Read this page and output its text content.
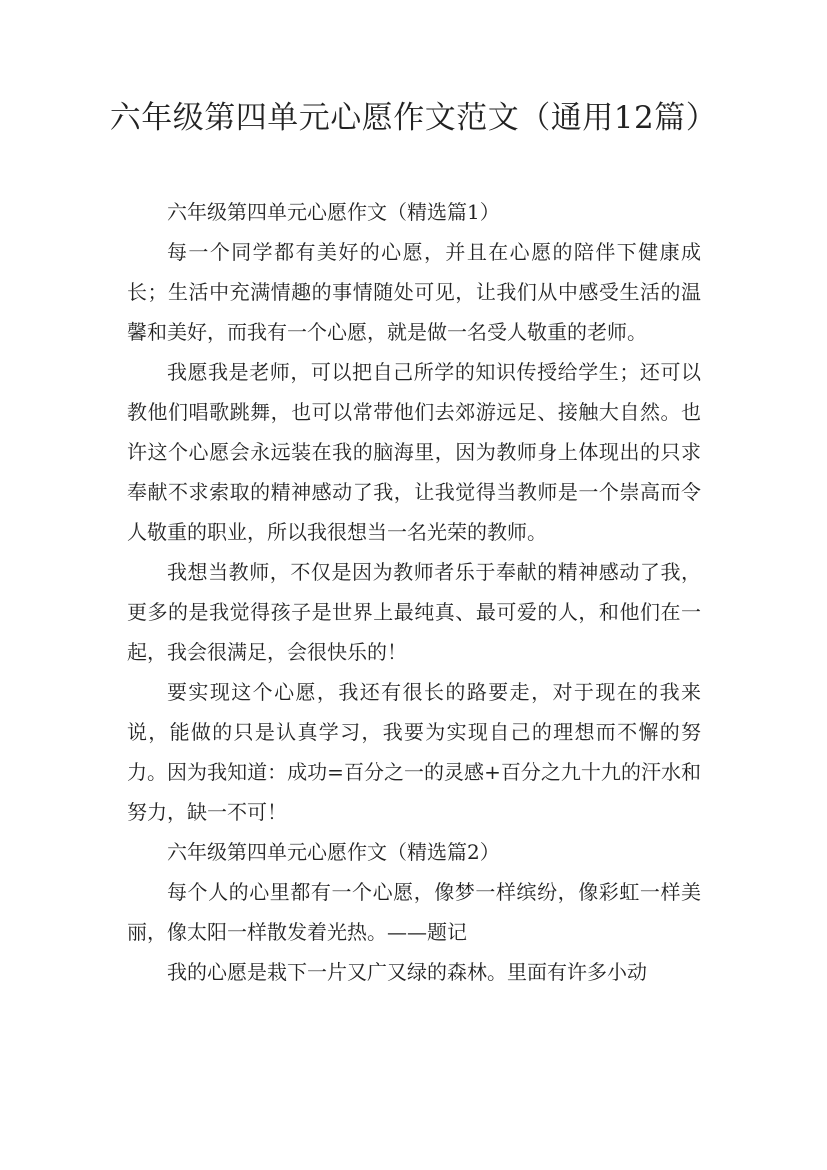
六年级第四单元心愿作文范文（通用12篇）

六年级第四单元心愿作文（精选篇1）

每一个同学都有美好的心愿，并且在心愿的陪伴下健康成长；生活中充满情趣的事情随处可见，让我们从中感受生活的温馨和美好，而我有一个心愿，就是做一名受人敬重的老师。

我愿我是老师，可以把自己所学的知识传授给学生；还可以教他们唱歌跳舞，也可以常带他们去郊游远足、接触大自然。也许这个心愿会永远装在我的脑海里，因为教师身上体现出的只求奉献不求索取的精神感动了我，让我觉得当教师是一个崇高而令人敬重的职业，所以我很想当一名光荣的教师。

我想当教师，不仅是因为教师者乐于奉献的精神感动了我，更多的是我觉得孩子是世界上最纯真、最可爱的人，和他们在一起，我会很满足，会很快乐的！

要实现这个心愿，我还有很长的路要走，对于现在的我来说，能做的只是认真学习，我要为实现自己的理想而不懈的努力。因为我知道：成功=百分之一的灵感+百分之九十九的汗水和努力，缺一不可！

六年级第四单元心愿作文（精选篇2）

每个人的心里都有一个心愿，像梦一样缤纷，像彩虹一样美丽，像太阳一样散发着光热。——题记

我的心愿是栽下一片又广又绿的森林。里面有许多小动
